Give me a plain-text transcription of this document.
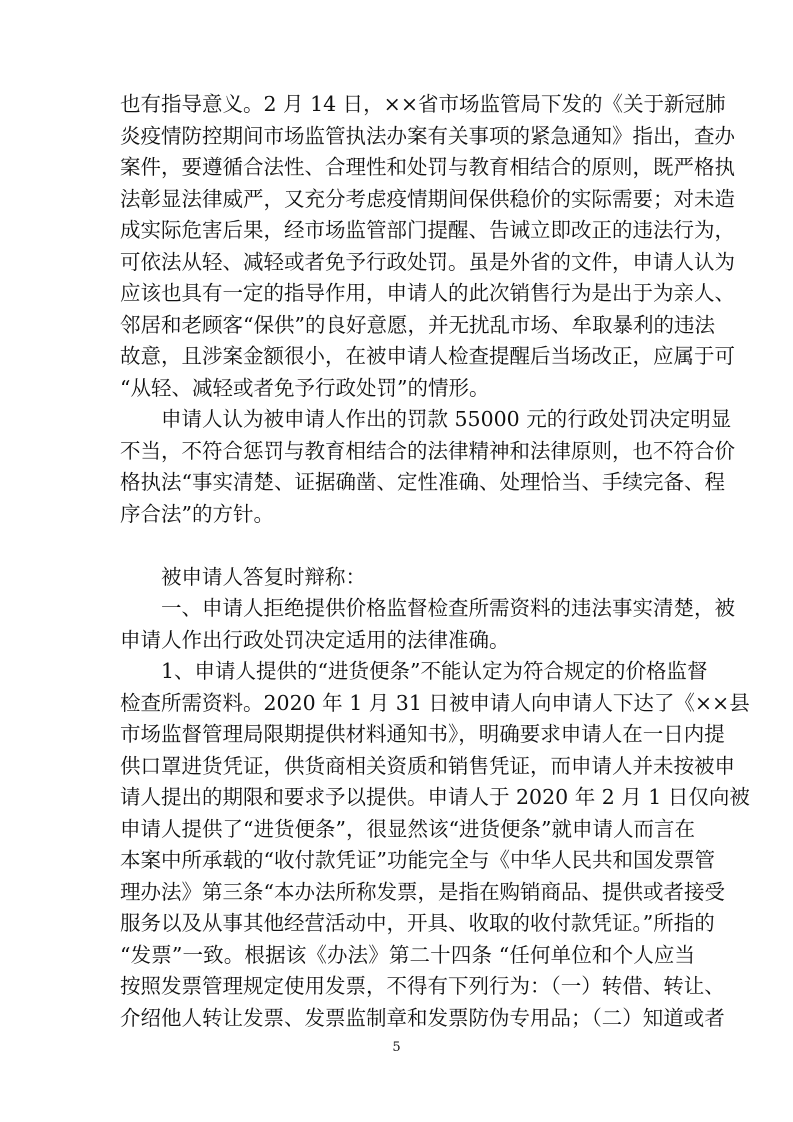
也有指导意义。2 月 14 日，××省市场监管局下发的《关于新冠肺
炎疫情防控期间市场监管执法办案有关事项的紧急通知》指出，查办
案件，要遵循合法性、合理性和处罚与教育相结合的原则，既严格执
法彰显法律威严，又充分考虑疫情期间保供稳价的实际需要；对未造
成实际危害后果，经市场监管部门提醒、告诫立即改正的违法行为，
可依法从轻、减轻或者免予行政处罚。虽是外省的文件，申请人认为
应该也具有一定的指导作用，申请人的此次销售行为是出于为亲人、
邻居和老顾客“保供”的良好意愿，并无扰乱市场、牟取暴利的违法
故意，且涉案金额很小，在被申请人检查提醒后当场改正，应属于可
“从轻、减轻或者免予行政处罚”的情形。
申请人认为被申请人作出的罚款 55000 元的行政处罚决定明显
不当，不符合惩罚与教育相结合的法律精神和法律原则，也不符合价
格执法“事实清楚、证据确凿、定性准确、处理恰当、手续完备、程
序合法”的方针。
被申请人答复时辩称：
一、申请人拒绝提供价格监督检查所需资料的违法事实清楚，被
申请人作出行政处罚决定适用的法律准确。
1、申请人提供的“进货便条”不能认定为符合规定的价格监督
检查所需资料。2020 年 1 月 31 日被申请人向申请人下达了《××县
市场监督管理局限期提供材料通知书》，明确要求申请人在一日内提
供口罩进货凭证，供货商相关资质和销售凭证，而申请人并未按被申
请人提出的期限和要求予以提供。申请人于 2020 年 2 月 1 日仅向被
申请人提供了“进货便条”，很显然该“进货便条”就申请人而言在
本案中所承载的“收付款凭证”功能完全与《中华人民共和国发票管
理办法》第三条“本办法所称发票，是指在购销商品、提供或者接受
服务以及从事其他经营活动中，开具、收取的收付款凭证。”所指的
“发票”一致。根据该《办法》第二十四条 “任何单位和个人应当
按照发票管理规定使用发票，不得有下列行为：（一）转借、转让、
介绍他人转让发票、发票监制章和发票防伪专用品；（二）知道或者
5
